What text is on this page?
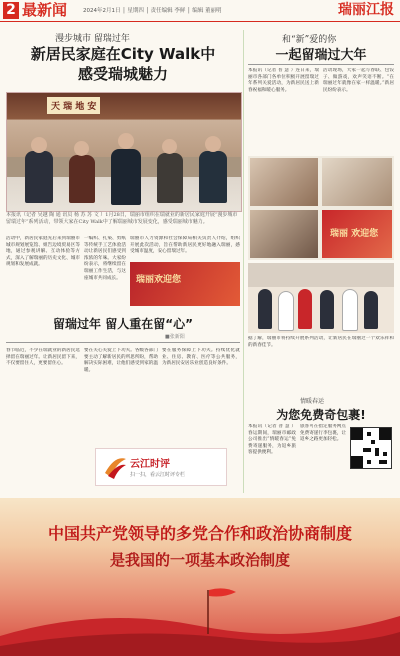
2 最新闻	2024年2月1日 │ 星期四 │ 责任编辑 李鲜 │ 编辑 董丽明	瑞丽江报
漫步城市 留瑞过年
新居民家庭在City Walk中
感受瑞城魅力
天 瑞 地 安
本报讯（记者 吴越 陶 通 讯员 杨 苏 苏 文 ）1月28日，瑞丽市组织在瑞就业的新居民家庭开展“漫步城市 留瑞过年”系列活动，带领大家在City Walk中了解瑞丽城市发展变化，感受瑞丽城市魅力。
活动中，新居民家庭先后来到瑞丽市城市规划展览馆、姐告边境贸易区等地，通过参观讲解、互动体验等方式，深入了解瑞丽的历史文化、城市规划和发展成就。
一编织、扎染、剪纸等传统手工艺体验活动让新居民们感受到浓浓的年味。大家纷纷表示，将继续留在瑞丽工作生活，与这座城市共同成长。
瑞丽市人力资源和社会保障局相关负责人介绍，组织开展此次活动，旨在帮助新居民更好地融入瑞丽，感受城市温度，安心留瑞过年。
瑞丽欢迎您
留瑞过年 留人重在留“心”
■张新阳
春节临近，不少在瑞就业的新居民选择留在瑞丽过年。让新居民留下来，不仅要留住人，更要留住心。
要在关心关爱上下功夫。各级各部门要主动了解新居民的所思所盼，帮助解决实际困难，让他们感受到家的温暖。
要在服务保障上下功夫。持续优化就业、住房、教育、医疗等公共服务，为新居民安居乐业创造良好条件。
云江时评
扫一扫，看云江时评专栏
和“新”爱的你
一起留瑞过大年
本报讯（记者 普 慧 ）连日来，瑞丽市各部门各单位积极开展留瑞过年系列关爱活动，为新居民送上新春祝福和暖心服务。
活动现场，大家一起写春联、包饺子、做游戏，欢声笑语不断。“在瑞丽过年就像在家一样温暖。”新居民纷纷表示。
瑞丽 欢迎您
据了解，瑞丽市将持续开展系列活动，让新居民在瑞丽过一个欢乐祥和的新春佳节。
情暖春运
为您免费奇包裹!
本报讯（记者 普 慧 ）春运期间，瑞丽市邮政公司推出“情暖春运”免费寄递服务，为返乡旅客提供便利。
旅客可在指定服务网点免费寄递行李包裹，让返乡之路更加轻松。
中国共产党领导的多党合作和政治协商制度
是我国的一项基本政治制度
